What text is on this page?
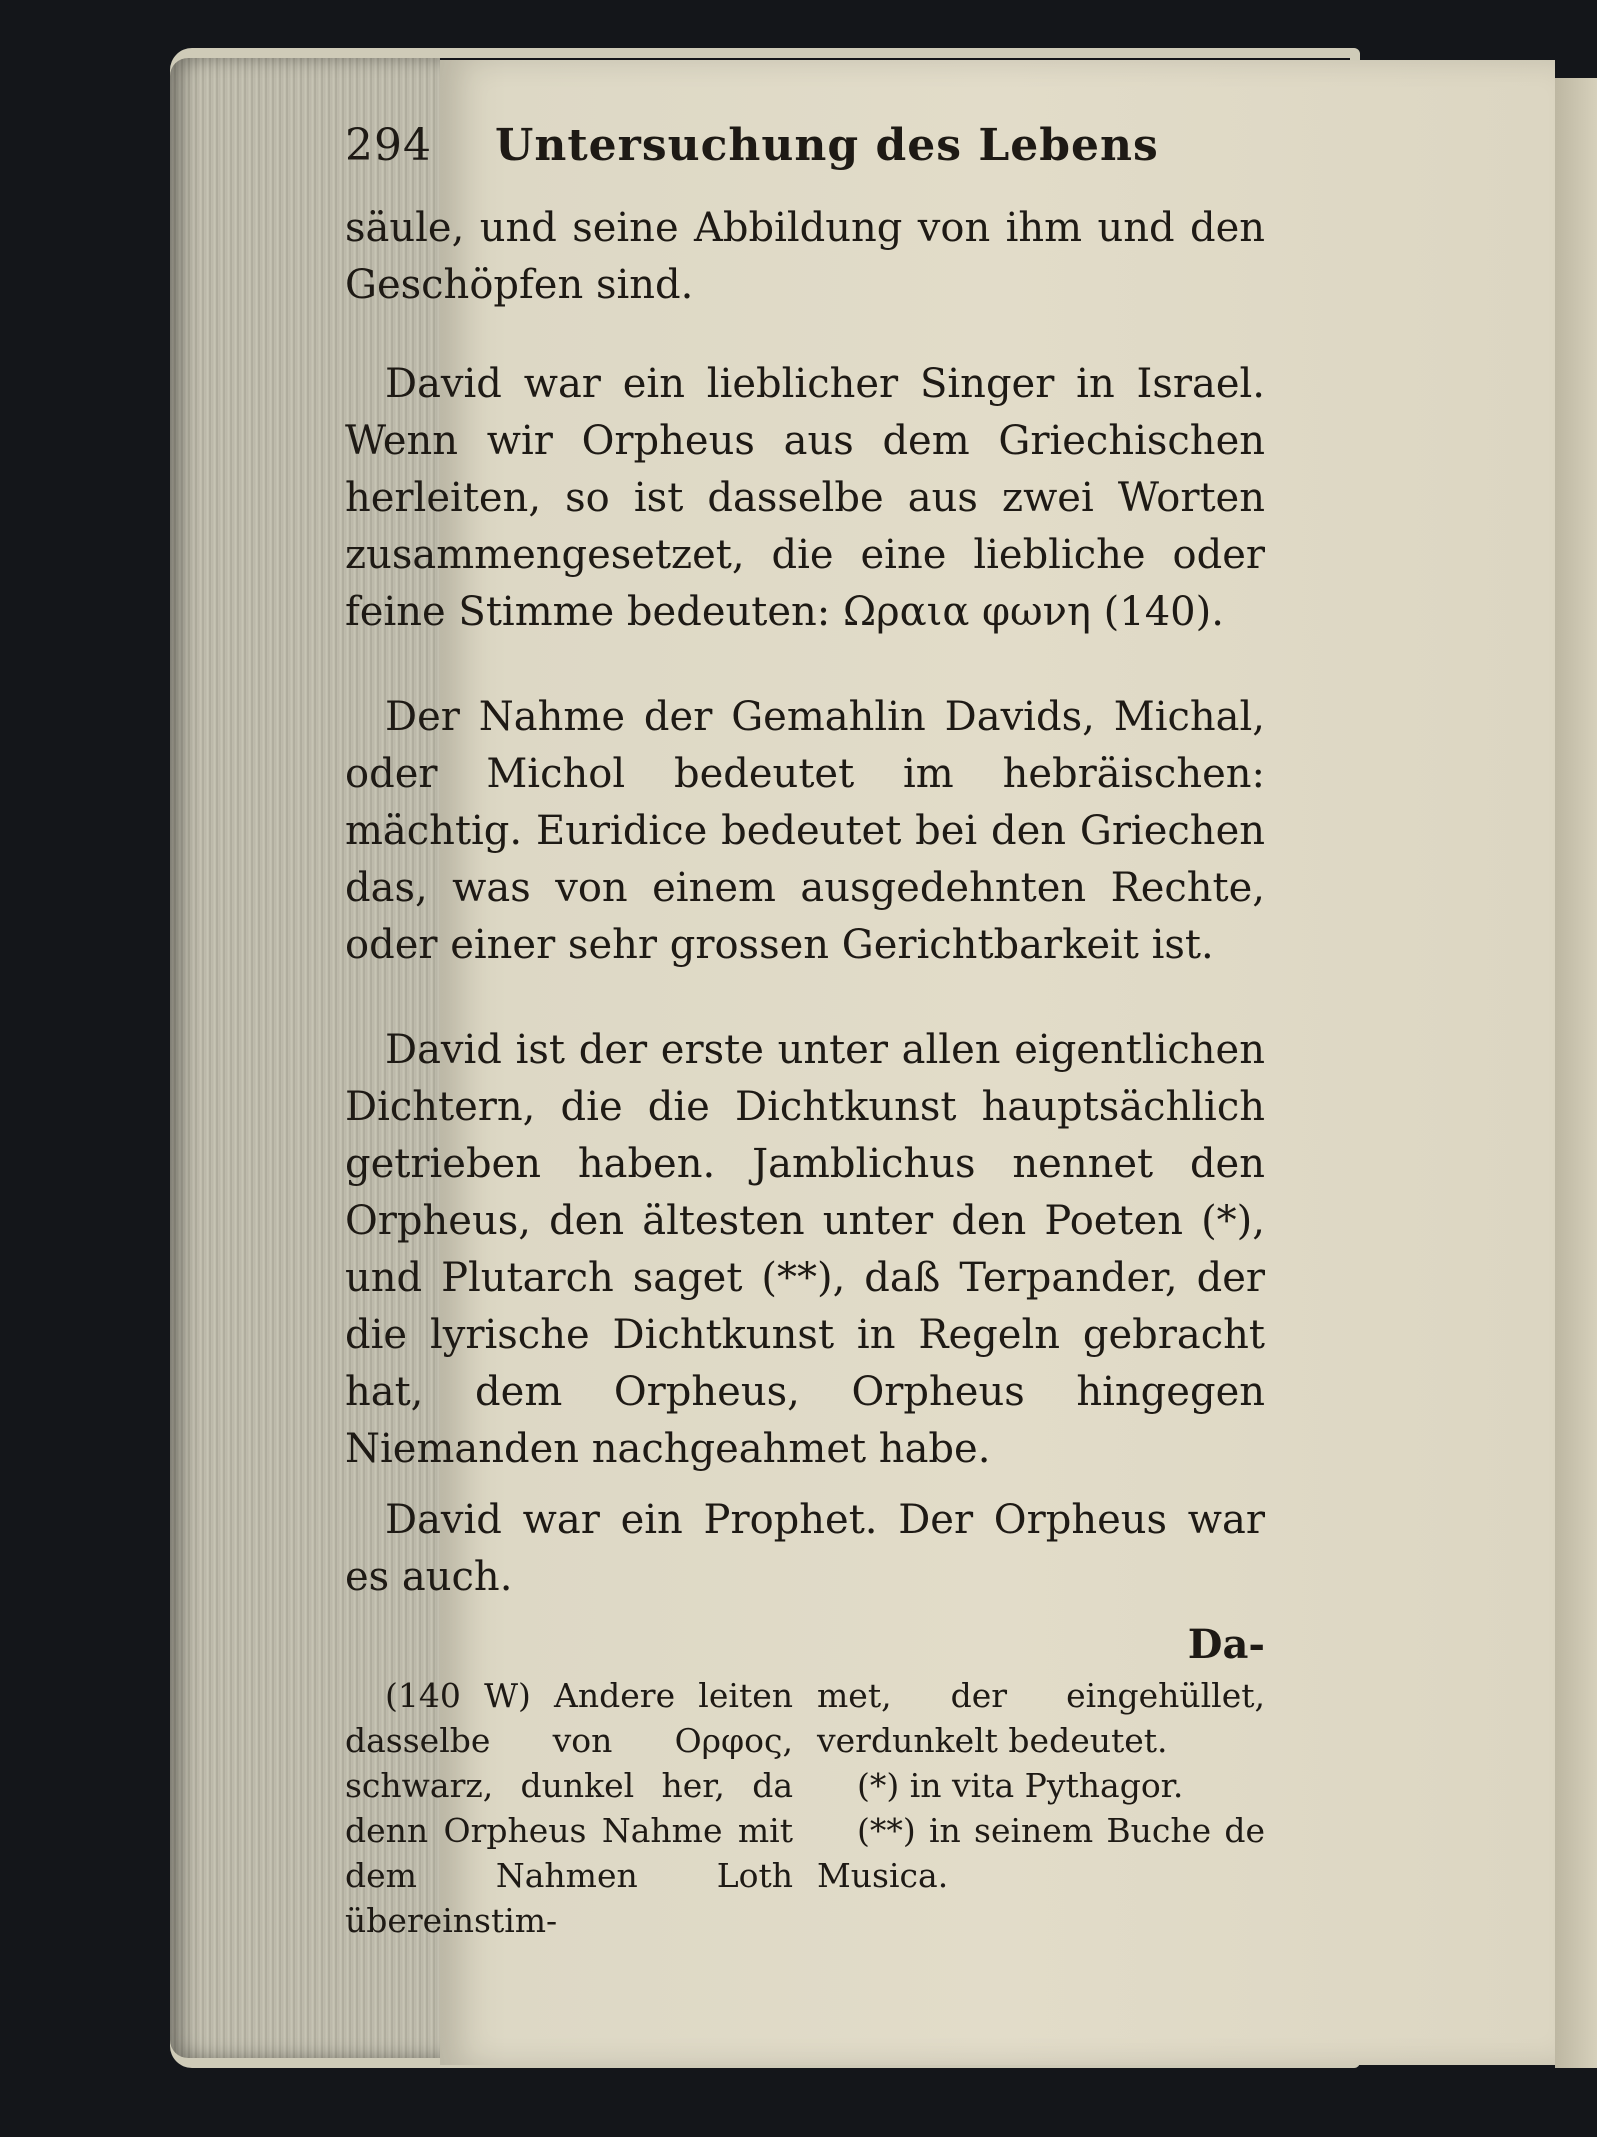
294	Untersuchung des Lebens

säule, und seine Abbildung von ihm und den Geschöpfen sind.

David war ein lieblicher Singer in Israel. Wenn wir Orpheus aus dem Griechischen herleiten, so ist dasselbe aus zwei Worten zusammengesetzet, die eine liebliche oder feine Stimme bedeuten: Ωραια φωνη (140).

Der Nahme der Gemahlin Davids, Michal, oder Michol bedeutet im hebräischen: mächtig. Euridice bedeutet bei den Griechen das, was von einem ausgedehnten Rechte, oder einer sehr grossen Gerichtbarkeit ist.

David ist der erste unter allen eigentlichen Dichtern, die die Dichtkunst hauptsächlich getrieben haben. Jamblichus nennet den Orpheus, den ältesten unter den Poeten (*), und Plutarch saget (**), daß Terpander, der die lyrische Dichtkunst in Regeln gebracht hat, dem Orpheus, Orpheus hingegen Niemanden nachgeahmet habe.

David war ein Prophet. Der Orpheus war es auch.

Da-

(140 W) Andere leiten dasselbe von Ορφος, schwarz, dunkel her, da denn Orpheus Nahme mit dem Nahmen Loth übereinstim-

met, der eingehüllet, verdunkelt bedeutet.

(*) in vita Pythagor.

(**) in seinem Buche de Musica.
